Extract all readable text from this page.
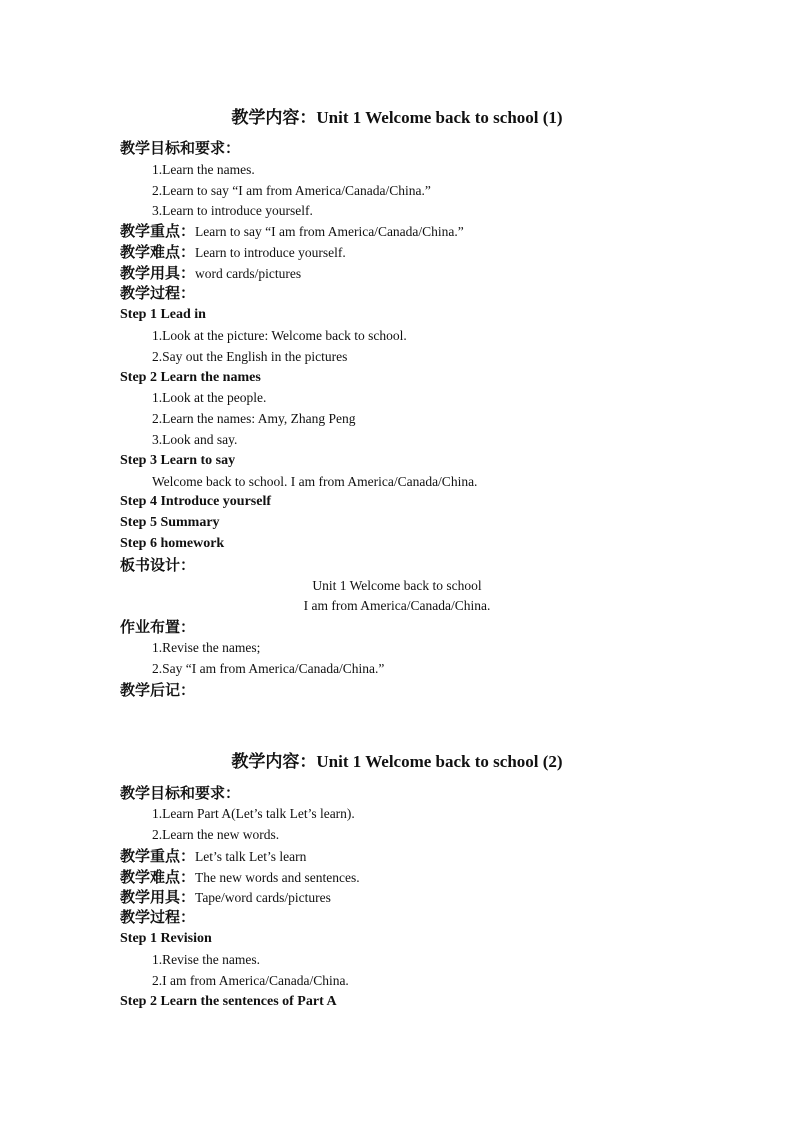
教学内容：Unit 1 Welcome back to school (1)
教学目标和要求：
1.Learn the names.
2.Learn to say “I am from America/Canada/China.”
3.Learn to introduce yourself.
教学重点：Learn to say “I am from America/Canada/China.”
教学难点：Learn to introduce yourself.
教学用具：word cards/pictures
教学过程：
Step 1 Lead in
1.Look at the picture: Welcome back to school.
2.Say out the English in the pictures
Step 2 Learn the names
1.Look at the people.
2.Learn the names: Amy, Zhang Peng
3.Look and say.
Step 3 Learn to say
Welcome back to school. I am from America/Canada/China.
Step 4 Introduce yourself
Step 5 Summary
Step 6 homework
板书设计：
Unit 1 Welcome back to school
I am from America/Canada/China.
作业布置：
1.Revise the names;
2.Say “I am from America/Canada/China.”
教学后记：
教学内容：Unit 1 Welcome back to school (2)
教学目标和要求：
1.Learn Part A(Let’s talk Let’s learn).
2.Learn the new words.
教学重点：Let’s talk Let’s learn
教学难点：The new words and sentences.
教学用具：Tape/word cards/pictures
教学过程：
Step 1 Revision
1.Revise the names.
2.I am from America/Canada/China.
Step 2 Learn the sentences of Part A
